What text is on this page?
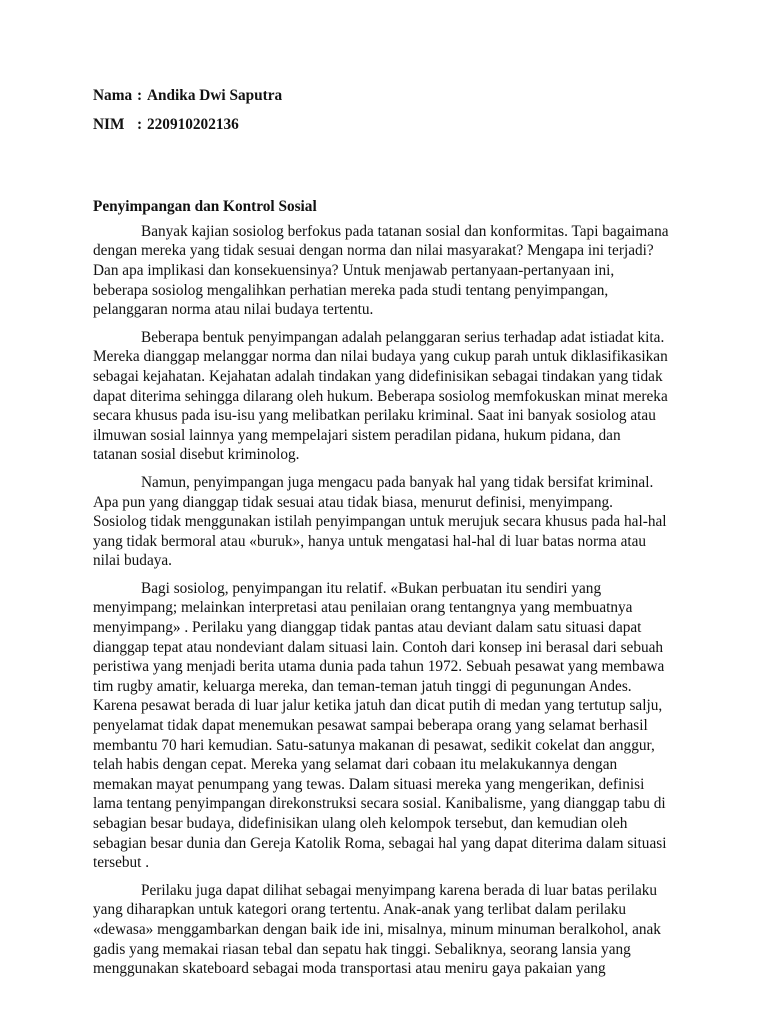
Nama : Andika Dwi Saputra
NIM : 220910202136

Penyimpangan dan Kontrol Sosial

Banyak kajian sosiolog berfokus pada tatanan sosial dan konformitas. Tapi bagaimana
dengan mereka yang tidak sesuai dengan norma dan nilai masyarakat? Mengapa ini terjadi?
Dan apa implikasi dan konsekuensinya? Untuk menjawab pertanyaan-pertanyaan ini,
beberapa sosiolog mengalihkan perhatian mereka pada studi tentang penyimpangan,
pelanggaran norma atau nilai budaya tertentu.

Beberapa bentuk penyimpangan adalah pelanggaran serius terhadap adat istiadat kita.
Mereka dianggap melanggar norma dan nilai budaya yang cukup parah untuk diklasifikasikan
sebagai kejahatan. Kejahatan adalah tindakan yang didefinisikan sebagai tindakan yang tidak
dapat diterima sehingga dilarang oleh hukum. Beberapa sosiolog memfokuskan minat mereka
secara khusus pada isu-isu yang melibatkan perilaku kriminal. Saat ini banyak sosiolog atau
ilmuwan sosial lainnya yang mempelajari sistem peradilan pidana, hukum pidana, dan
tatanan sosial disebut kriminolog.

Namun, penyimpangan juga mengacu pada banyak hal yang tidak bersifat kriminal.
Apa pun yang dianggap tidak sesuai atau tidak biasa, menurut definisi, menyimpang.
Sosiolog tidak menggunakan istilah penyimpangan untuk merujuk secara khusus pada hal-hal
yang tidak bermoral atau «buruk», hanya untuk mengatasi hal-hal di luar batas norma atau
nilai budaya.

Bagi sosiolog, penyimpangan itu relatif. «Bukan perbuatan itu sendiri yang
menyimpang; melainkan interpretasi atau penilaian orang tentangnya yang membuatnya
menyimpang» . Perilaku yang dianggap tidak pantas atau deviant dalam satu situasi dapat
dianggap tepat atau nondeviant dalam situasi lain. Contoh dari konsep ini berasal dari sebuah
peristiwa yang menjadi berita utama dunia pada tahun 1972. Sebuah pesawat yang membawa
tim rugby amatir, keluarga mereka, dan teman-teman jatuh tinggi di pegunungan Andes.
Karena pesawat berada di luar jalur ketika jatuh dan dicat putih di medan yang tertutup salju,
penyelamat tidak dapat menemukan pesawat sampai beberapa orang yang selamat berhasil
membantu 70 hari kemudian. Satu-satunya makanan di pesawat, sedikit cokelat dan anggur,
telah habis dengan cepat. Mereka yang selamat dari cobaan itu melakukannya dengan
memakan mayat penumpang yang tewas. Dalam situasi mereka yang mengerikan, definisi
lama tentang penyimpangan direkonstruksi secara sosial. Kanibalisme, yang dianggap tabu di
sebagian besar budaya, didefinisikan ulang oleh kelompok tersebut, dan kemudian oleh
sebagian besar dunia dan Gereja Katolik Roma, sebagai hal yang dapat diterima dalam situasi
tersebut .

Perilaku juga dapat dilihat sebagai menyimpang karena berada di luar batas perilaku
yang diharapkan untuk kategori orang tertentu. Anak-anak yang terlibat dalam perilaku
«dewasa» menggambarkan dengan baik ide ini, misalnya, minum minuman beralkohol, anak
gadis yang memakai riasan tebal dan sepatu hak tinggi. Sebaliknya, seorang lansia yang
menggunakan skateboard sebagai moda transportasi atau meniru gaya pakaian yang
